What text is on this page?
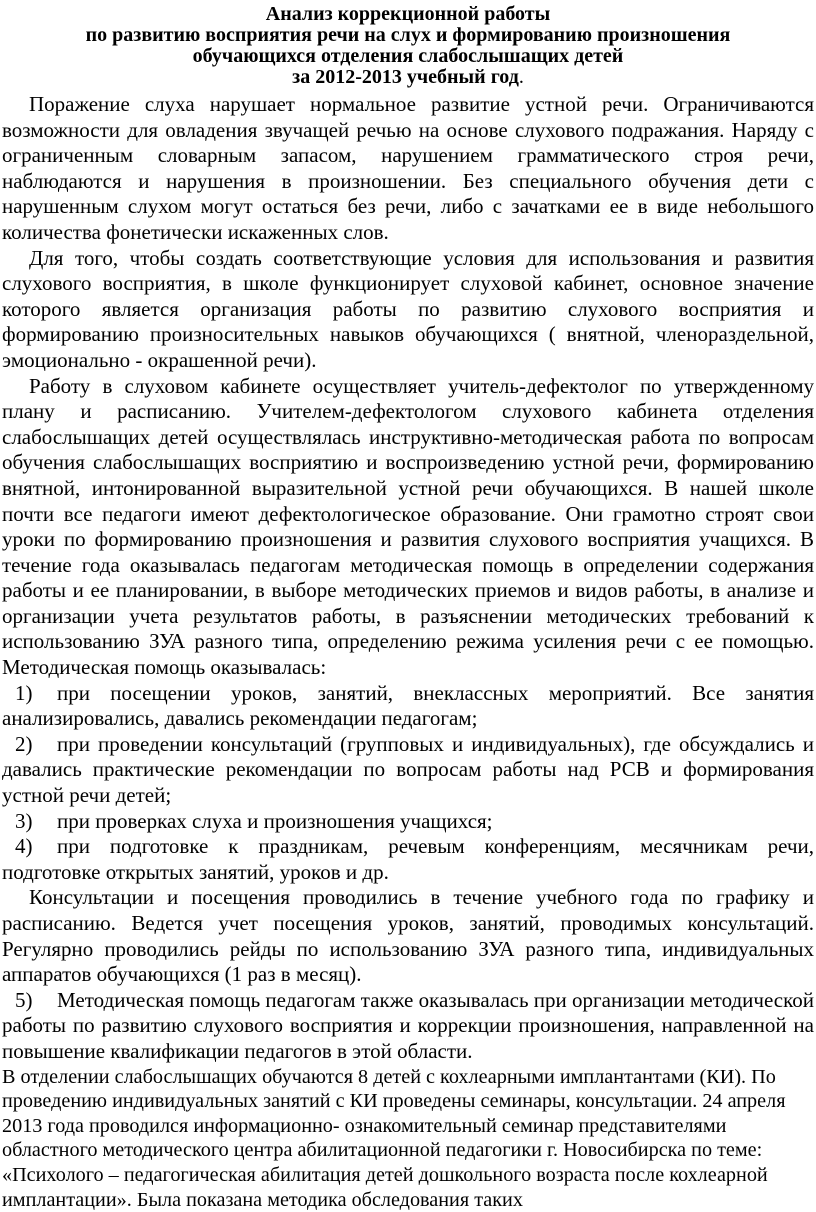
Анализ коррекционной работы
по развитию восприятия речи на слух и формированию произношения
обучающихся отделения слабослышащих детей
за 2012-2013 учебный год.

Поражение слуха нарушает нормальное развитие устной речи. Ограничиваются возможности для овладения звучащей речью на основе слухового подражания. Наряду с ограниченным словарным запасом, нарушением грамматического строя речи, наблюдаются и нарушения в произношении. Без специального обучения дети с нарушенным слухом могут остаться без речи, либо с зачатками ее в виде небольшого количества фонетически искаженных слов.

Для того, чтобы создать соответствующие условия для использования и развития слухового восприятия, в школе функционирует слуховой кабинет, основное значение которого является организация работы по развитию слухового восприятия и формированию произносительных навыков обучающихся ( внятной, членораздельной, эмоционально - окрашенной речи).

Работу в слуховом кабинете осуществляет учитель-дефектолог по утвержденному плану и расписанию. Учителем-дефектологом слухового кабинета отделения слабослышащих детей осуществлялась инструктивно-методическая работа по вопросам обучения слабослышащих восприятию и воспроизведению устной речи, формированию внятной, интонированной выразительной устной речи обучающихся. В нашей школе почти все педагоги имеют дефектологическое образование. Они грамотно строят свои уроки по формированию произношения и развития слухового восприятия учащихся. В течение года оказывалась педагогам методическая помощь в определении содержания работы и ее планировании, в выборе методических приемов и видов работы, в анализе и организации учета результатов работы, в разъяснении методических требований к использованию ЗУА разного типа, определению режима усиления речи с ее помощью. Методическая помощь оказывалась:

1) при посещении уроков, занятий, внеклассных мероприятий. Все занятия анализировались, давались рекомендации педагогам;

2) при проведении консультаций (групповых и индивидуальных), где обсуждались и давались практические рекомендации по вопросам работы над РСВ и формирования устной речи детей;

3) при проверках слуха и произношения учащихся;

4) при подготовке к праздникам, речевым конференциям, месячникам речи, подготовке открытых занятий, уроков и др.

Консультации и посещения проводились в течение учебного года по графику и расписанию. Ведется учет посещения уроков, занятий, проводимых консультаций. Регулярно проводились рейды по использованию ЗУА разного типа, индивидуальных аппаратов обучающихся (1 раз в месяц).

5) Методическая помощь педагогам также оказывалась при организации методической работы по развитию слухового восприятия и коррекции произношения, направленной на повышение квалификации педагогов в этой области.

В отделении слабослышащих обучаются 8 детей с кохлеарными имплантантами (КИ). По проведению индивидуальных занятий с КИ проведены семинары, консультации. 24 апреля 2013 года проводился информационно- ознакомительный семинар представителями областного методического центра абилитационной педагогики г. Новосибирска по теме: «Психолого – педагогическая абилитация детей дошкольного возраста после кохлеарной имплантации». Была показана методика обследования таких
